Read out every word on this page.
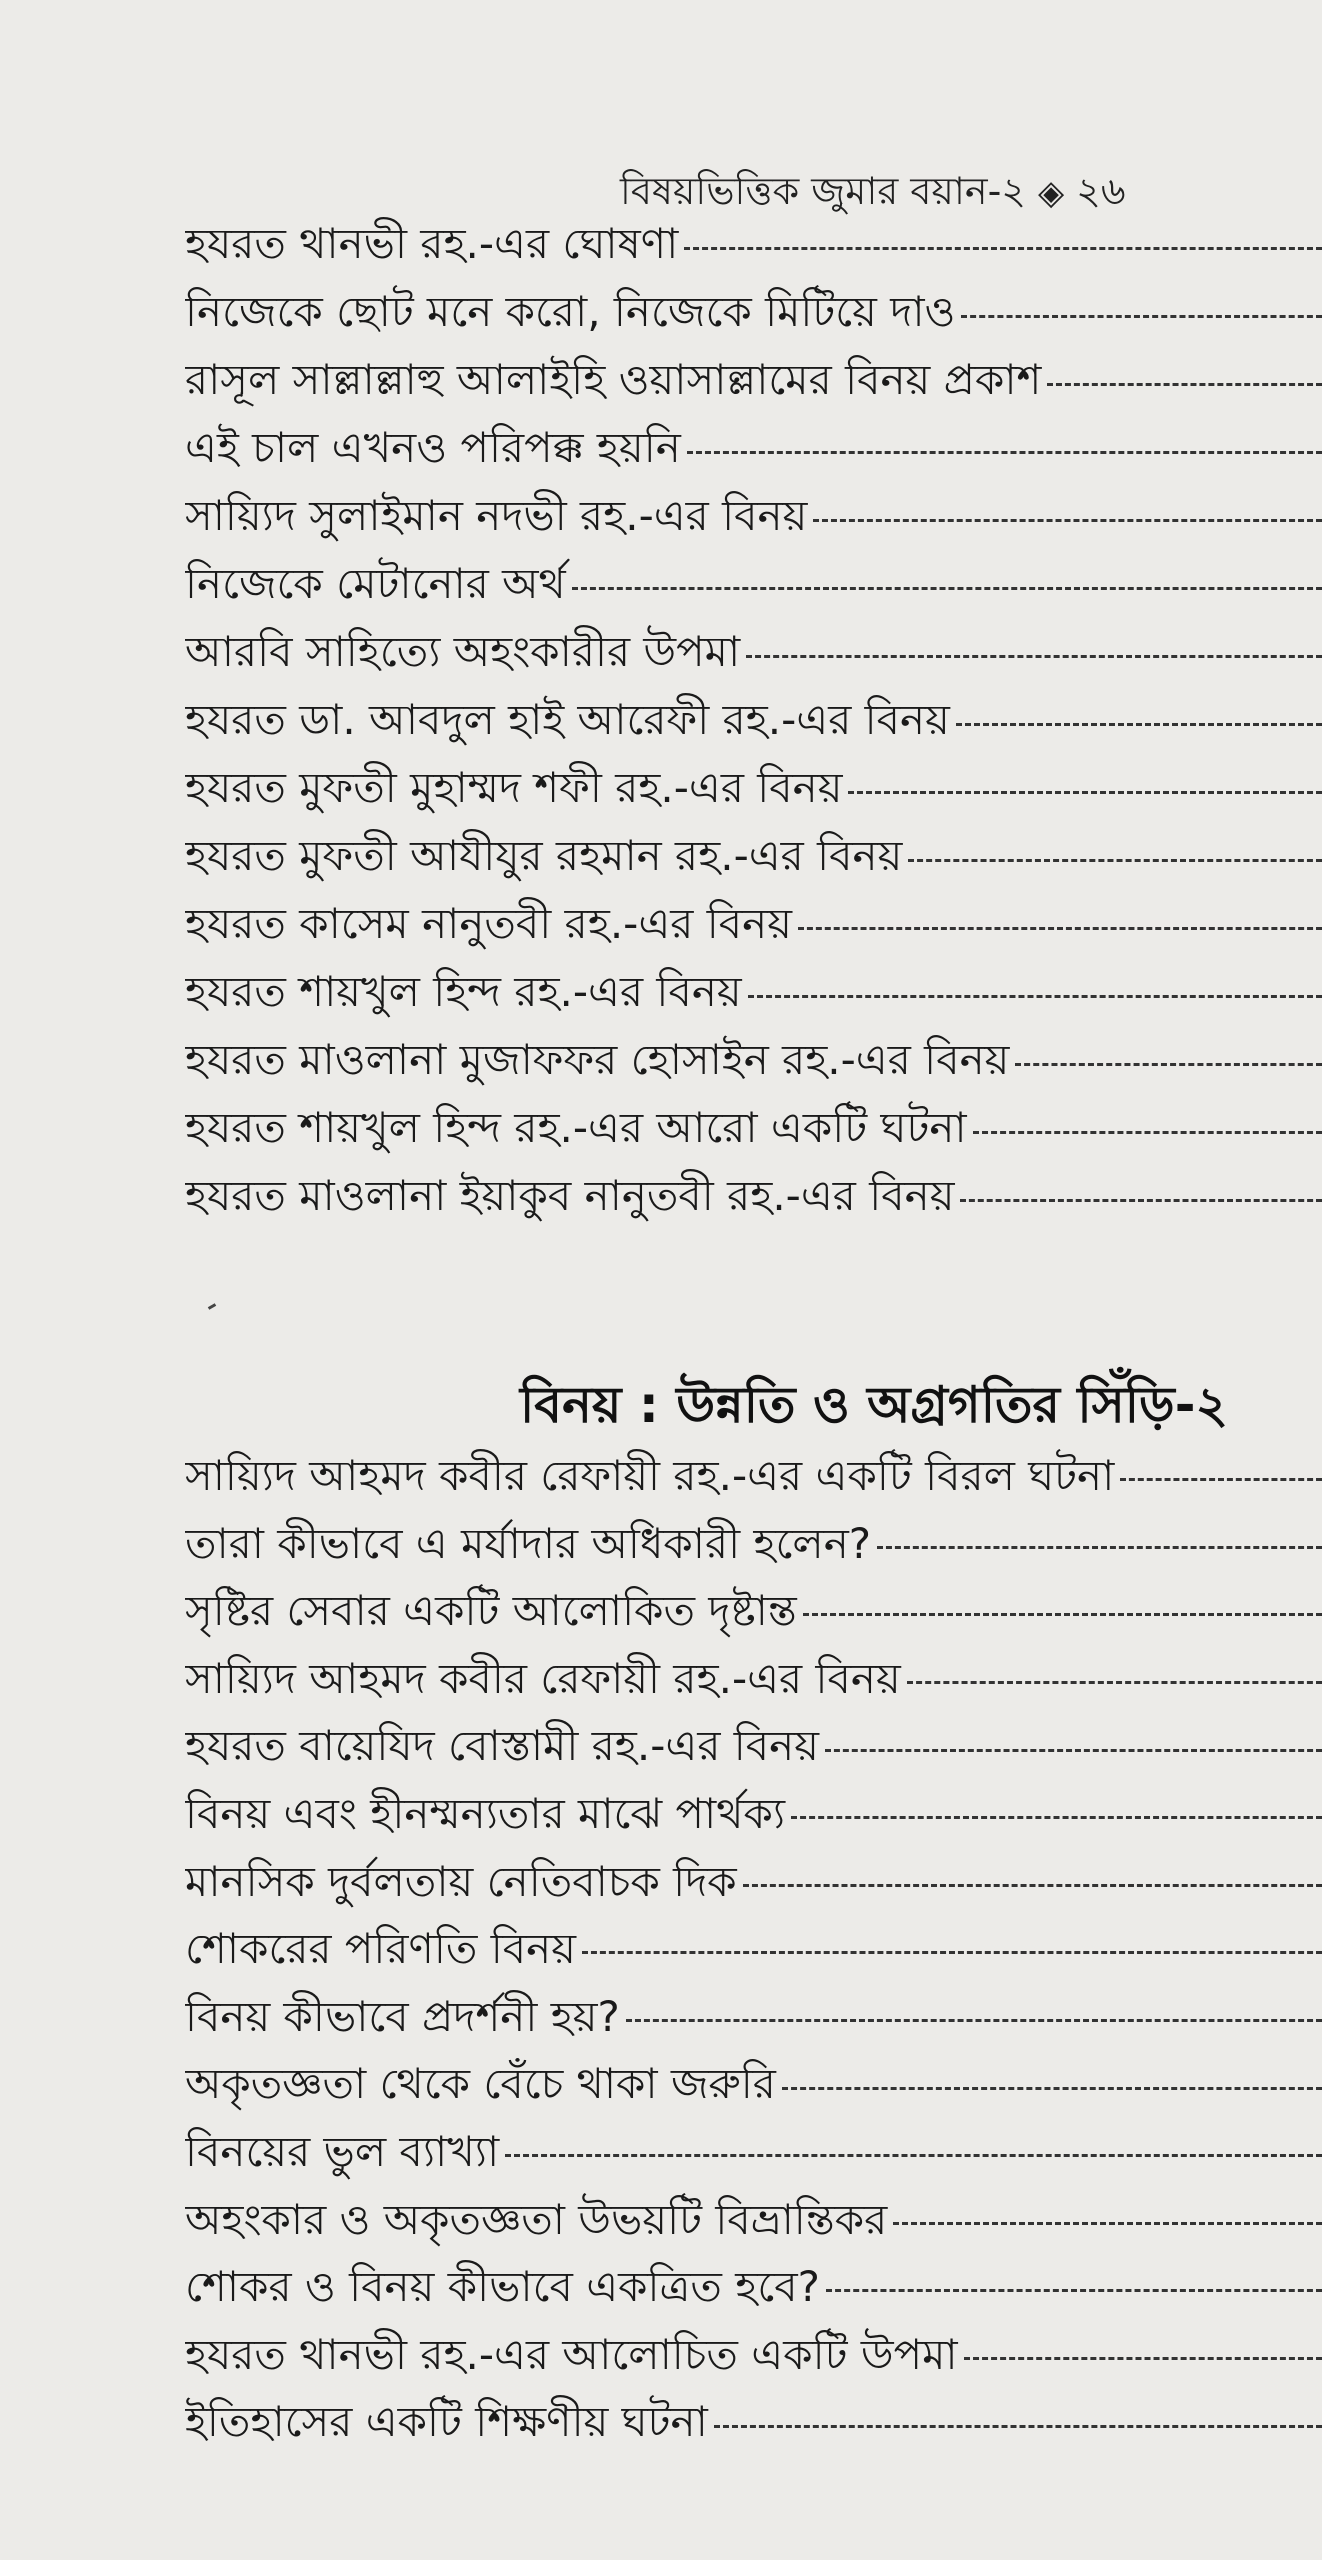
বিষয়ভিত্তিক জুমার বয়ান-২ ◈ ২৬
হযরত থানভী রহ.-এর ঘোষণা
নিজেকে ছোট মনে করো, নিজেকে মিটিয়ে দাও
রাসূল সাল্লাল্লাহু আলাইহি ওয়াসাল্লামের বিনয় প্রকাশ
এই চাল এখনও পরিপক্ক হয়নি
সায়্যিদ সুলাইমান নদভী রহ.-এর বিনয়
নিজেকে মেটানোর অর্থ
আরবি সাহিত্যে অহংকারীর উপমা
হযরত ডা. আবদুল হাই আরেফী রহ.-এর বিনয়
হযরত মুফতী মুহাম্মদ শফী রহ.-এর বিনয়
হযরত মুফতী আযীযুর রহমান রহ.-এর বিনয়
হযরত কাসেম নানুতবী রহ.-এর বিনয়
হযরত শায়খুল হিন্দ রহ.-এর বিনয়
হযরত মাওলানা মুজাফফর হোসাইন রহ.-এর বিনয়
হযরত শায়খুল হিন্দ রহ.-এর আরো একটি ঘটনা
হযরত মাওলানা ইয়াকুব নানুতবী রহ.-এর বিনয়
বিনয় : উন্নতি ও অগ্রগতির সিঁড়ি-২
সায়্যিদ আহমদ কবীর রেফায়ী রহ.-এর একটি বিরল ঘটনা
তারা কীভাবে এ মর্যাদার অধিকারী হলেন?
সৃষ্টির সেবার একটি আলোকিত দৃষ্টান্ত
সায়্যিদ আহমদ কবীর রেফায়ী রহ.-এর বিনয়
হযরত বায়েযিদ বোস্তামী রহ.-এর বিনয়
বিনয় এবং হীনম্মন্যতার মাঝে পার্থক্য
মানসিক দুর্বলতায় নেতিবাচক দিক
শোকরের পরিণতি বিনয়
বিনয় কীভাবে প্রদর্শনী হয়?
অকৃতজ্ঞতা থেকে বেঁচে থাকা জরুরি
বিনয়ের ভুল ব্যাখ্যা
অহংকার ও অকৃতজ্ঞতা উভয়টি বিভ্রান্তিকর
শোকর ও বিনয় কীভাবে একত্রিত হবে?
হযরত থানভী রহ.-এর আলোচিত একটি উপমা
ইতিহাসের একটি শিক্ষণীয় ঘটনা
